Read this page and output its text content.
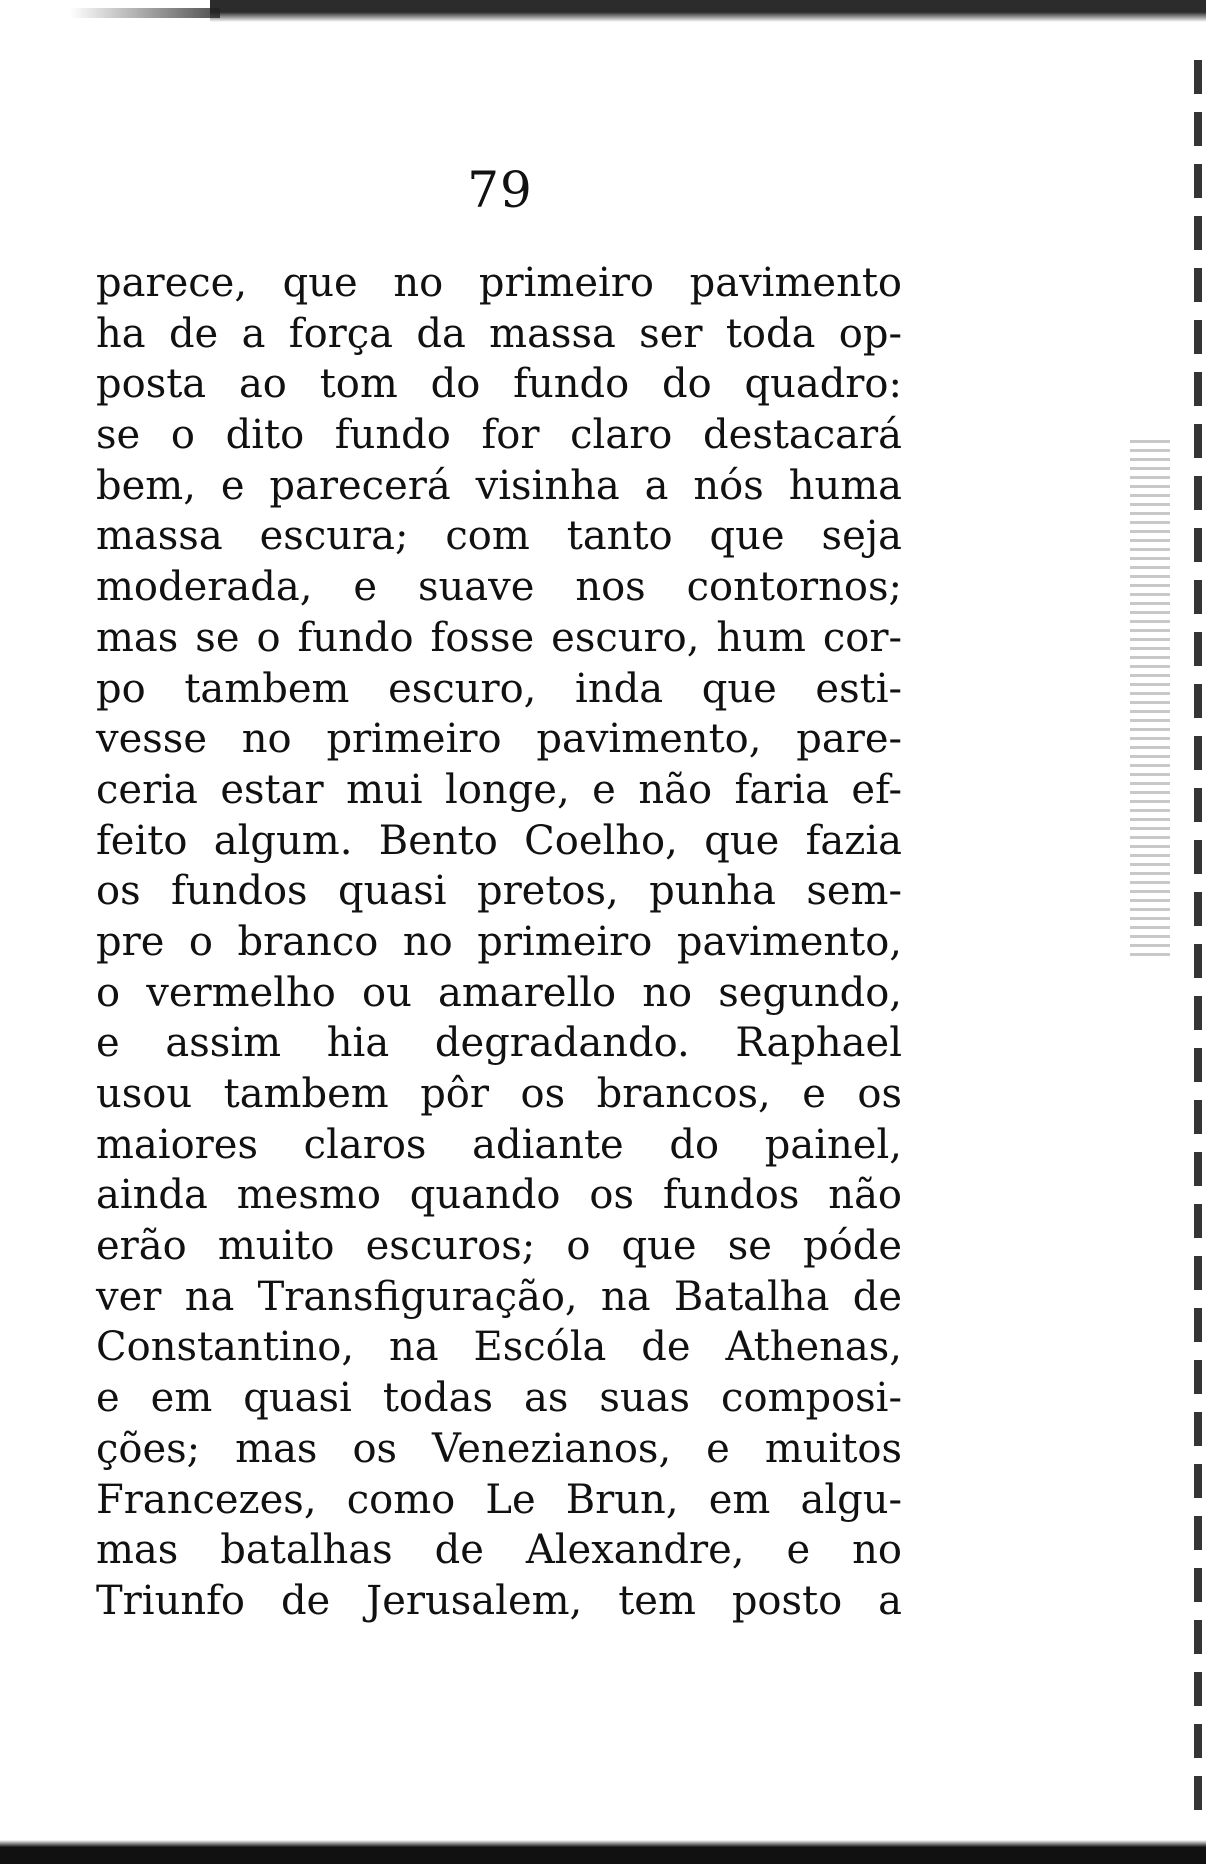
79
parece, que no primeiro pavimento
ha de a força da massa ser toda op-
posta ao tom do fundo do quadro:
se o dito fundo for claro destacará
bem, e parecerá visinha a nós huma
massa escura; com tanto que seja
moderada, e suave nos contornos;
mas se o fundo fosse escuro, hum cor-
po tambem escuro, inda que esti-
vesse no primeiro pavimento, pare-
ceria estar mui longe, e não faria ef-
feito algum. Bento Coelho, que fazia
os fundos quasi pretos, punha sem-
pre o branco no primeiro pavimento,
o vermelho ou amarello no segundo,
e assim hia degradando. Raphael
usou tambem pôr os brancos, e os
maiores claros adiante do painel,
ainda mesmo quando os fundos não
erão muito escuros; o que se póde
ver na Transfiguração, na Batalha de
Constantino, na Escóla de Athenas,
e em quasi todas as suas composi-
ções; mas os Venezianos, e muitos
Francezes, como Le Brun, em algu-
mas batalhas de Alexandre, e no
Triunfo de Jerusalem, tem posto a
